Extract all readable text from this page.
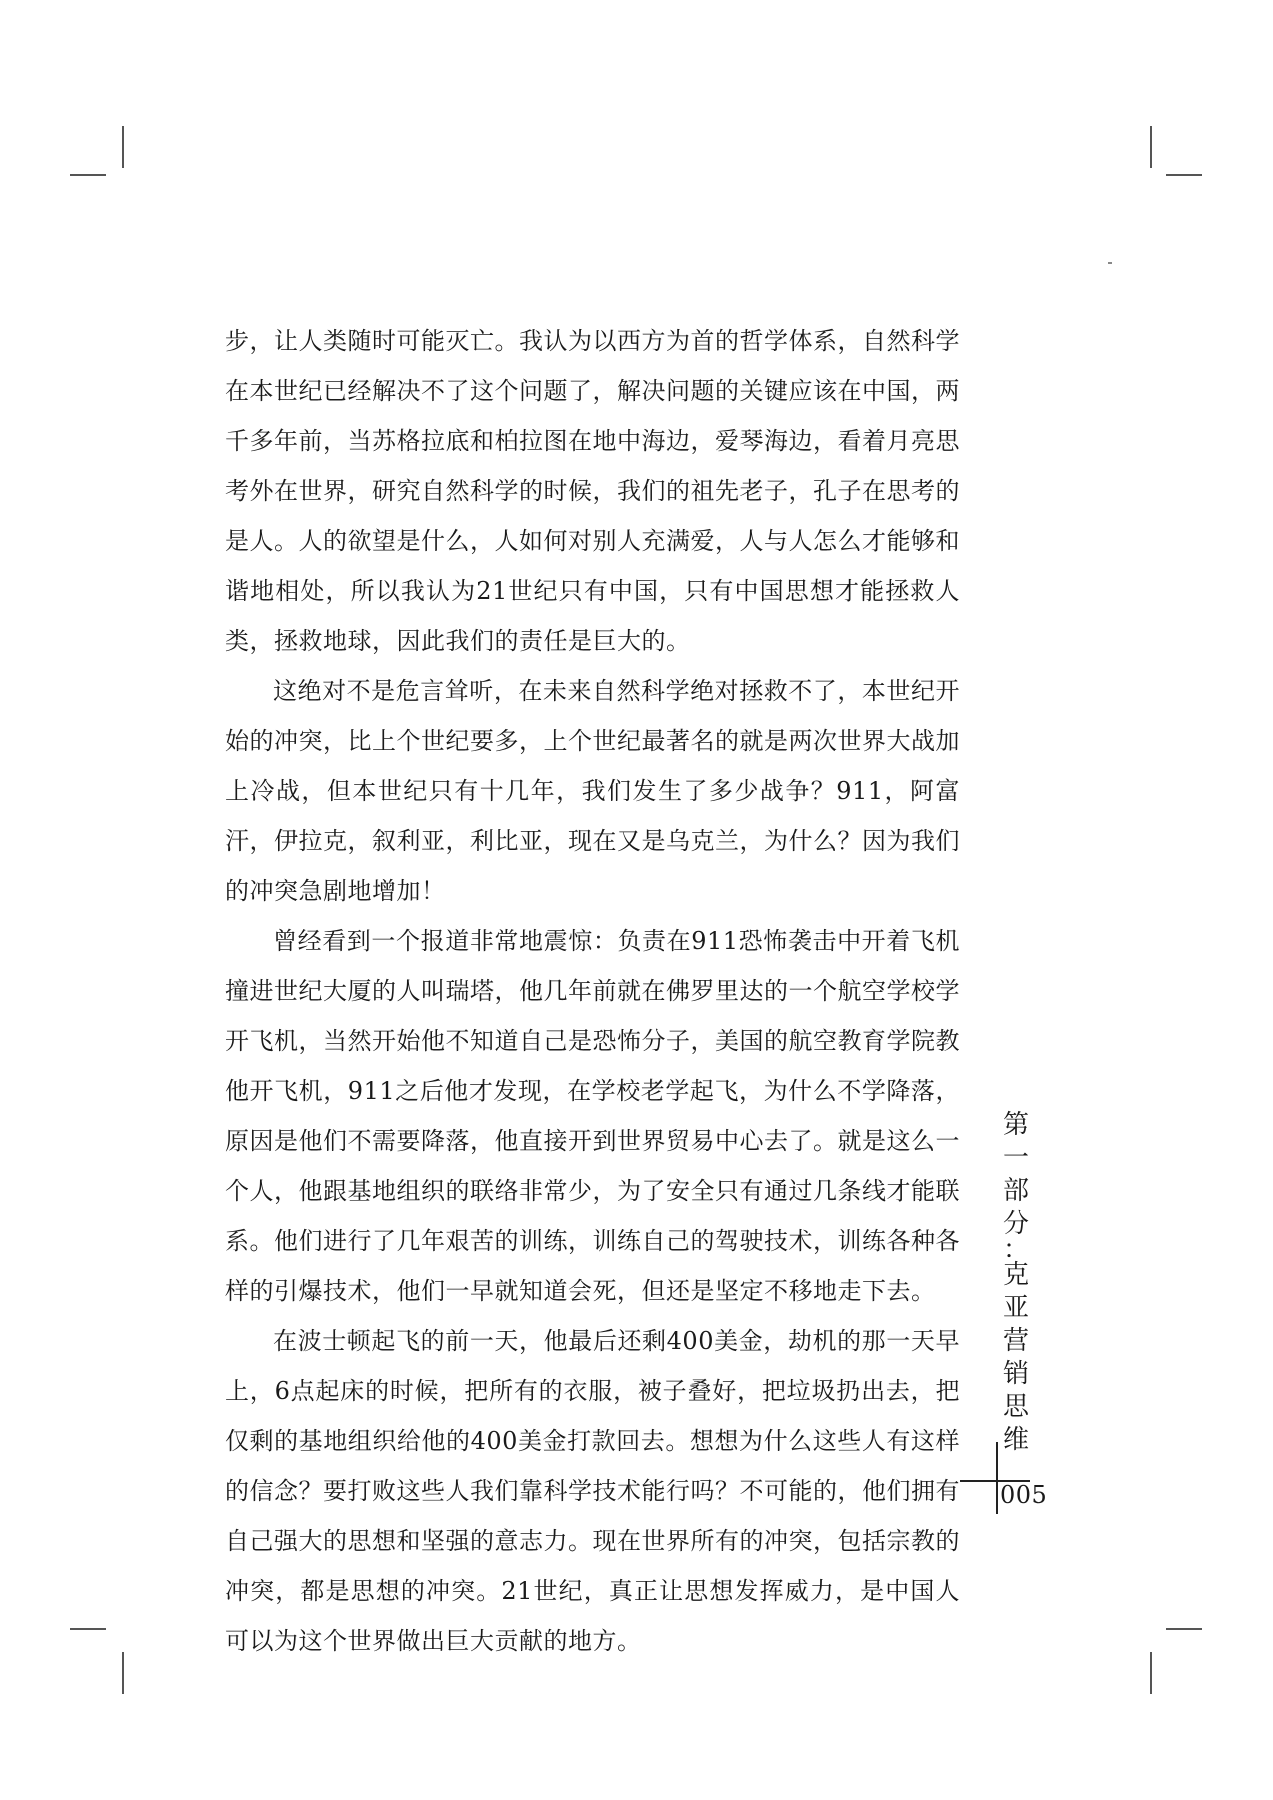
步，让人类随时可能灭亡。我认为以西方为首的哲学体系，自然科学在本世纪已经解决不了这个问题了，解决问题的关键应该在中国，两千多年前，当苏格拉底和柏拉图在地中海边，爱琴海边，看着月亮思考外在世界，研究自然科学的时候，我们的祖先老子，孔子在思考的是人。人的欲望是什么，人如何对别人充满爱，人与人怎么才能够和谐地相处，所以我认为21世纪只有中国，只有中国思想才能拯救人类，拯救地球，因此我们的责任是巨大的。

这绝对不是危言耸听，在未来自然科学绝对拯救不了，本世纪开始的冲突，比上个世纪要多，上个世纪最著名的就是两次世界大战加上冷战，但本世纪只有十几年，我们发生了多少战争？911，阿富汗，伊拉克，叙利亚，利比亚，现在又是乌克兰，为什么？因为我们的冲突急剧地增加！

曾经看到一个报道非常地震惊：负责在911恐怖袭击中开着飞机撞进世纪大厦的人叫瑞塔，他几年前就在佛罗里达的一个航空学校学开飞机，当然开始他不知道自己是恐怖分子，美国的航空教育学院教他开飞机，911之后他才发现，在学校老学起飞，为什么不学降落，原因是他们不需要降落，他直接开到世界贸易中心去了。就是这么一个人，他跟基地组织的联络非常少，为了安全只有通过几条线才能联系。他们进行了几年艰苦的训练，训练自己的驾驶技术，训练各种各样的引爆技术，他们一早就知道会死，但还是坚定不移地走下去。

在波士顿起飞的前一天，他最后还剩400美金，劫机的那一天早上，6点起床的时候，把所有的衣服，被子叠好，把垃圾扔出去，把仅剩的基地组织给他的400美金打款回去。想想为什么这些人有这样的信念？要打败这些人我们靠科学技术能行吗？不可能的，他们拥有自己强大的思想和坚强的意志力。现在世界所有的冲突，包括宗教的冲突，都是思想的冲突。21世纪，真正让思想发挥威力，是中国人可以为这个世界做出巨大贡献的地方。

第
一
部
分
：
克
亚
营
销
思
维
005
